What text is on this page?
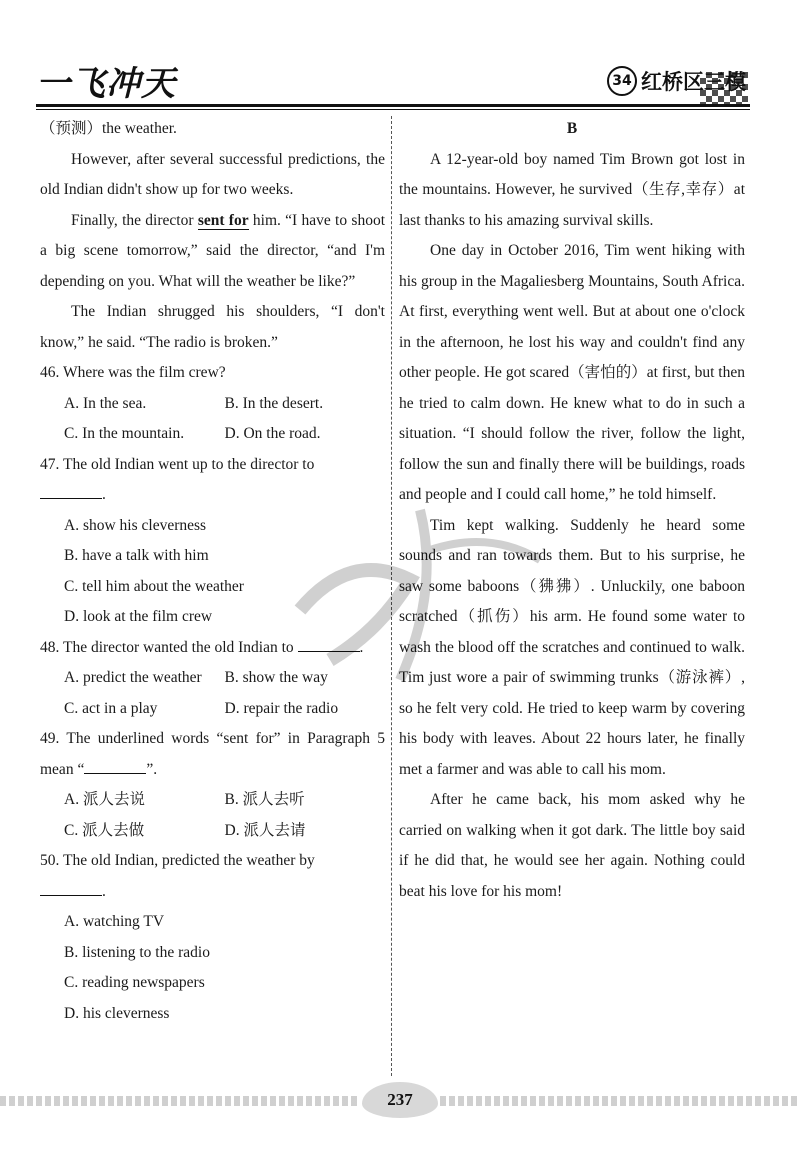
一飞冲天	34 红桥区三模

（预测）the weather.

However, after several successful predictions, the old Indian didn't show up for two weeks.

Finally, the director sent for him. “I have to shoot a big scene tomorrow,” said the director, “and I'm depending on you. What will the weather be like?”

The Indian shrugged his shoulders, “I don't know,” he said. “The radio is broken.”

46. Where was the film crew?

A. In the sea.	B. In the desert.
C. In the mountain.	D. On the road.

47. The old Indian went up to the director to
.

A. show his cleverness
B. have a talk with him
C. tell him about the weather
D. look at the film crew

48. The director wanted the old Indian to	.

A. predict the weather	B. show the way
C. act in a play	D. repair the radio

49. The underlined words “sent for” in Paragraph 5 mean “	”.

A. 派人去说	B. 派人去听
C. 派人去做	D. 派人去请

50. The old Indian, predicted the weather by
.

A. watching TV
B. listening to the radio
C. reading newspapers
D. his cleverness

B

A 12-year-old boy named Tim Brown got lost in the mountains. However, he survived（生存,幸存）at last thanks to his amazing survival skills.

One day in October 2016, Tim went hiking with his group in the Magaliesberg Mountains, South Africa. At first, everything went well. But at about one o'clock in the afternoon, he lost his way and couldn't find any other people. He got scared（害怕的）at first, but then he tried to calm down. He knew what to do in such a situation. “I should follow the river, follow the light, follow the sun and finally there will be buildings, roads and people and I could call home,” he told himself.

Tim kept walking. Suddenly he heard some sounds and ran towards them. But to his surprise, he saw some baboons（狒狒）. Unluckily, one baboon scratched（抓伤）his arm. He found some water to wash the blood off the scratches and continued to walk. Tim just wore a pair of swimming trunks（游泳裤）, so he felt very cold. He tried to keep warm by covering his body with leaves. About 22 hours later, he finally met a farmer and was able to call his mom.

After he came back, his mom asked why he carried on walking when it got dark. The little boy said if he did that, he would see her again. Nothing could beat his love for his mom!

237
